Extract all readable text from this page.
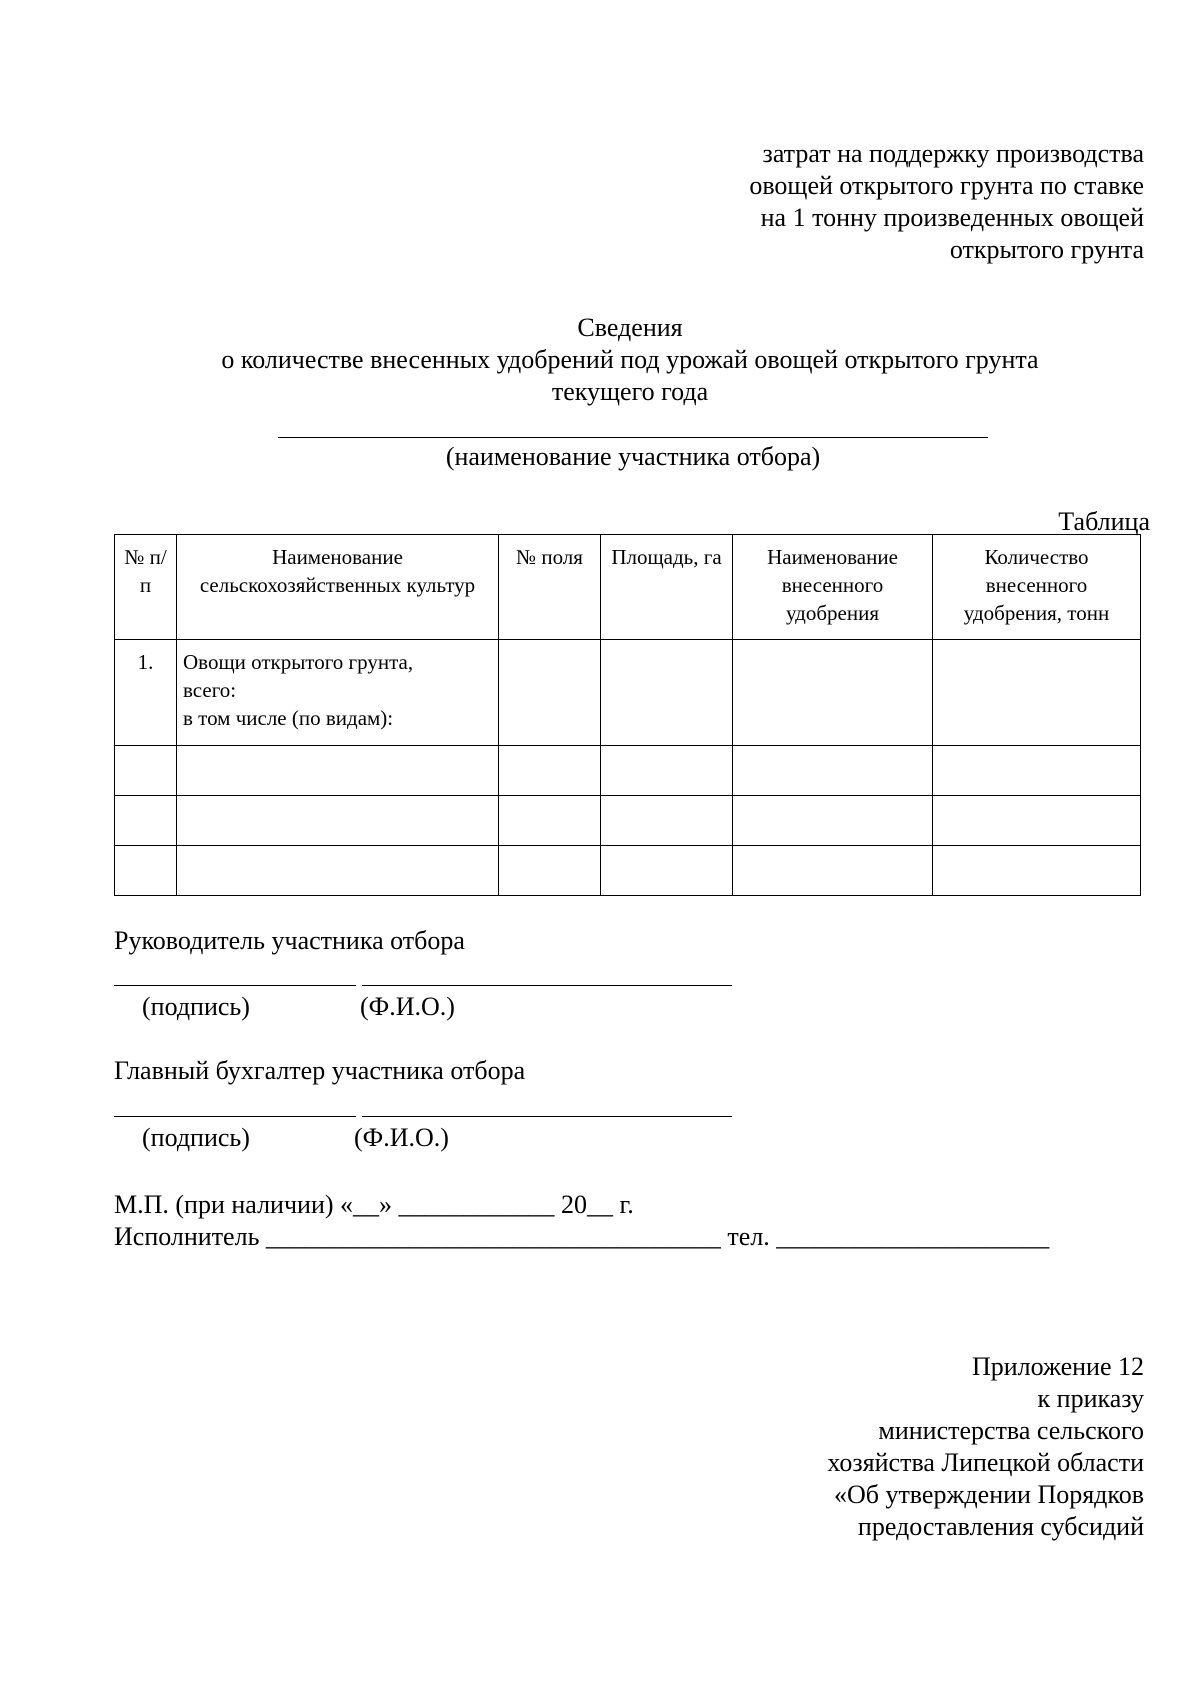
затрат на поддержку производства
овощей открытого грунта по ставке
на 1 тонну произведенных овощей
открытого грунта
Сведения
о количестве внесенных удобрений под урожай овощей открытого грунта
текущего года
(наименование участника отбора)
Таблица
№ п/п	Наименование сельскохозяйственных культур	№ поля	Площадь, га	Наименование внесенного удобрения	Количество внесенного удобрения, тонн
1.	Овощи открытого грунта,
всего:
в том числе (по видам):				

Руководитель участника отбора
(подпись)	(Ф.И.О.)
Главный бухгалтер участника отбора
(подпись)	(Ф.И.О.)
М.П. (при наличии) «__» ____________ 20__ г.
Исполнитель ___________________________________ тел. _____________________
Приложение 12
к приказу
министерства сельского
хозяйства Липецкой области
«Об утверждении Порядков
предоставления субсидий
